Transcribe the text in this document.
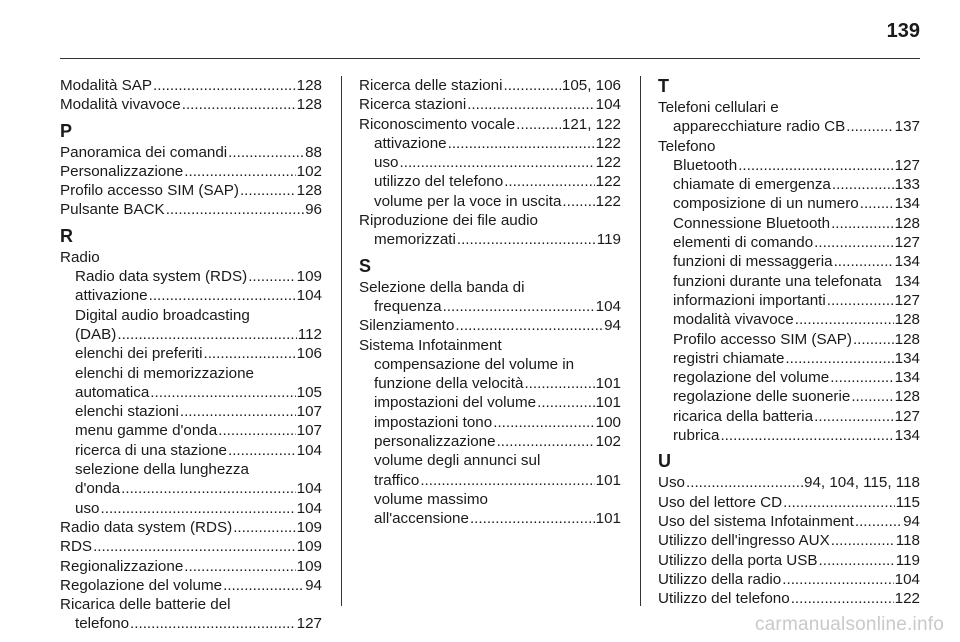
139
Modalità SAP .....	128
Modalità vivavoce .....	128
P
Panoramica dei comandi .....	88
Personalizzazione .....	102
Profilo accesso SIM (SAP) .....	128
Pulsante BACK .....	96
R
Radio
Radio data system (RDS) .....	109
attivazione .....	104
Digital audio broadcasting
(DAB) .....	112
elenchi dei preferiti .....	106
elenchi di memorizzazione
automatica .....	105
elenchi stazioni .....	107
menu gamme d'onda .....	107
ricerca di una stazione .....	104
selezione della lunghezza
d'onda .....	104
uso .....	104
Radio data system (RDS) .....	109
RDS .....	109
Regionalizzazione .....	109
Regolazione del volume .....	94
Ricarica delle batterie del
telefono .....	127
Ricerca delle stazioni .....	105, 106
Ricerca stazioni .....	104
Riconoscimento vocale .....	121, 122
attivazione .....	122
uso .....	122
utilizzo del telefono .....	122
volume per la voce in uscita ..... 122
Riproduzione dei file audio
memorizzati .....	119
S
Selezione della banda di
frequenza .....	104
Silenziamento .....	94
Sistema Infotainment
compensazione del volume in
funzione della velocità .....	101
impostazioni del volume .....	101
impostazioni tono .....	100
personalizzazione .....	102
volume degli annunci sul
traffico .....	101
volume massimo
all'accensione .....	101
T
Telefoni cellulari e
apparecchiature radio CB .....	137
Telefono
Bluetooth .....	127
chiamate di emergenza .....	133
composizione di un numero ..... 134
Connessione Bluetooth .....	128
elementi di comando .....	127
funzioni di messaggeria .....	134
funzioni durante una telefonata 134
informazioni importanti .....	127
modalità vivavoce .....	128
Profilo accesso SIM (SAP) .....	128
registri chiamate .....	134
regolazione del volume .....	134
regolazione delle suonerie .....	128
ricarica della batteria .....	127
rubrica .....	134
U
Uso .....	94, 104, 115, 118
Uso del lettore CD .....	115
Uso del sistema Infotainment .....	94
Utilizzo dell'ingresso AUX .....	118
Utilizzo della porta USB .....	119
Utilizzo della radio .....	104
Utilizzo del telefono .....	122
carmanualsonline.info
